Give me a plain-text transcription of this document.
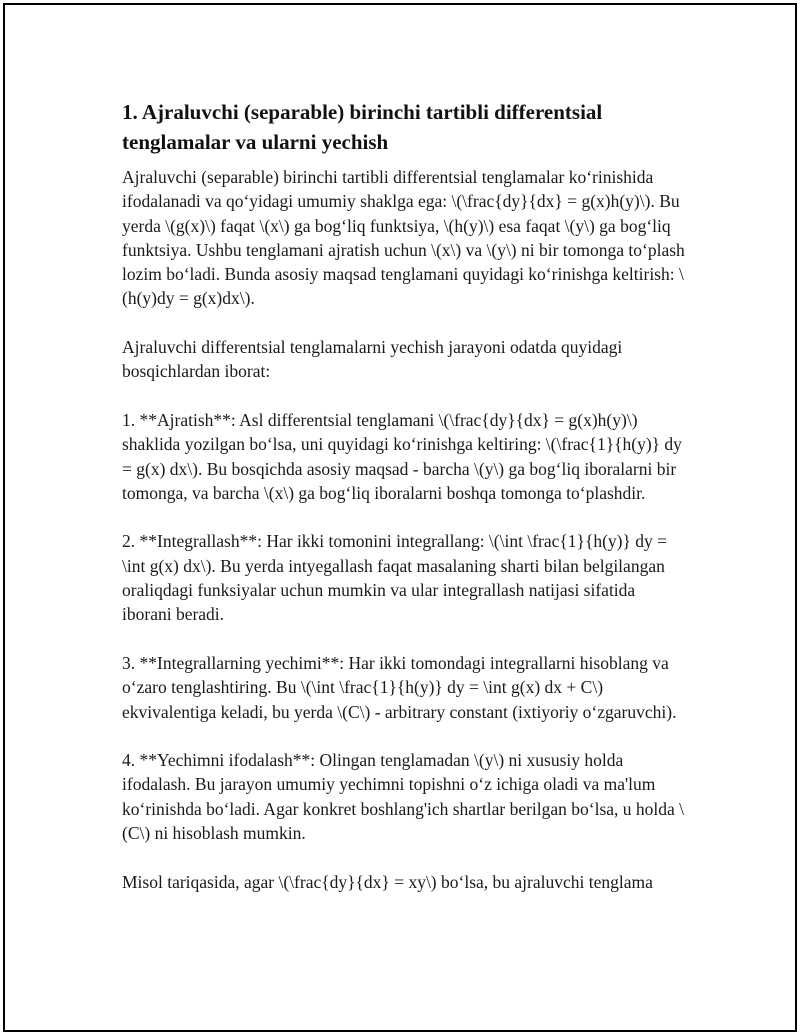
1. Ajraluvchi (separable) birinchi tartibli differentsial tenglamalar va ularni yechish

Ajraluvchi (separable) birinchi tartibli differentsial tenglamalar koʻrinishida ifodalanadi va qoʻyidagi umumiy shaklga ega: \(\frac{dy}{dx} = g(x)h(y)\). Bu yerda \(g(x)\) faqat \(x\) ga bogʻliq funktsiya, \(h(y)\) esa faqat \(y\) ga bogʻliq funktsiya. Ushbu tenglamani ajratish uchun \(x\) va \(y\) ni bir tomonga toʻplash lozim boʻladi. Bunda asosiy maqsad tenglamani quyidagi koʻrinishga keltirish: \(h(y)dy = g(x)dx\).

Ajraluvchi differentsial tenglamalarni yechish jarayoni odatda quyidagi bosqichlardan iborat:

1. **Ajratish**: Asl differentsial tenglamani \(\frac{dy}{dx} = g(x)h(y)\) shaklida yozilgan boʻlsa, uni quyidagi koʻrinishga keltiring: \(\frac{1}{h(y)} dy = g(x) dx\). Bu bosqichda asosiy maqsad - barcha \(y\) ga bogʻliq iboralarni bir tomonga, va barcha \(x\) ga bogʻliq iboralarni boshqa tomonga toʻplashdir.

2. **Integrallash**: Har ikki tomonini integrallang: \(\int \frac{1}{h(y)} dy = \int g(x) dx\). Bu yerda intyegallash faqat masalaning sharti bilan belgilangan oraliqdagi funksiyalar uchun mumkin va ular integrallash natijasi sifatida iborani beradi.

3. **Integrallarning yechimi**: Har ikki tomondagi integrallarni hisoblang va oʻzaro tenglashtiring. Bu \(\int \frac{1}{h(y)} dy = \int g(x) dx + C\) ekvivalentiga keladi, bu yerda \(C\) - arbitrary constant (ixtiyoriy oʻzgaruvchi).

4. **Yechimni ifodalash**: Olingan tenglamadan \(y\) ni xususiy holda ifodalash. Bu jarayon umumiy yechimni topishni oʻz ichiga oladi va ma'lum koʻrinishda boʻladi. Agar konkret boshlang'ich shartlar berilgan boʻlsa, u holda \(C\) ni hisoblash mumkin.

Misol tariqasida, agar \(\frac{dy}{dx} = xy\) boʻlsa, bu ajraluvchi tenglama
